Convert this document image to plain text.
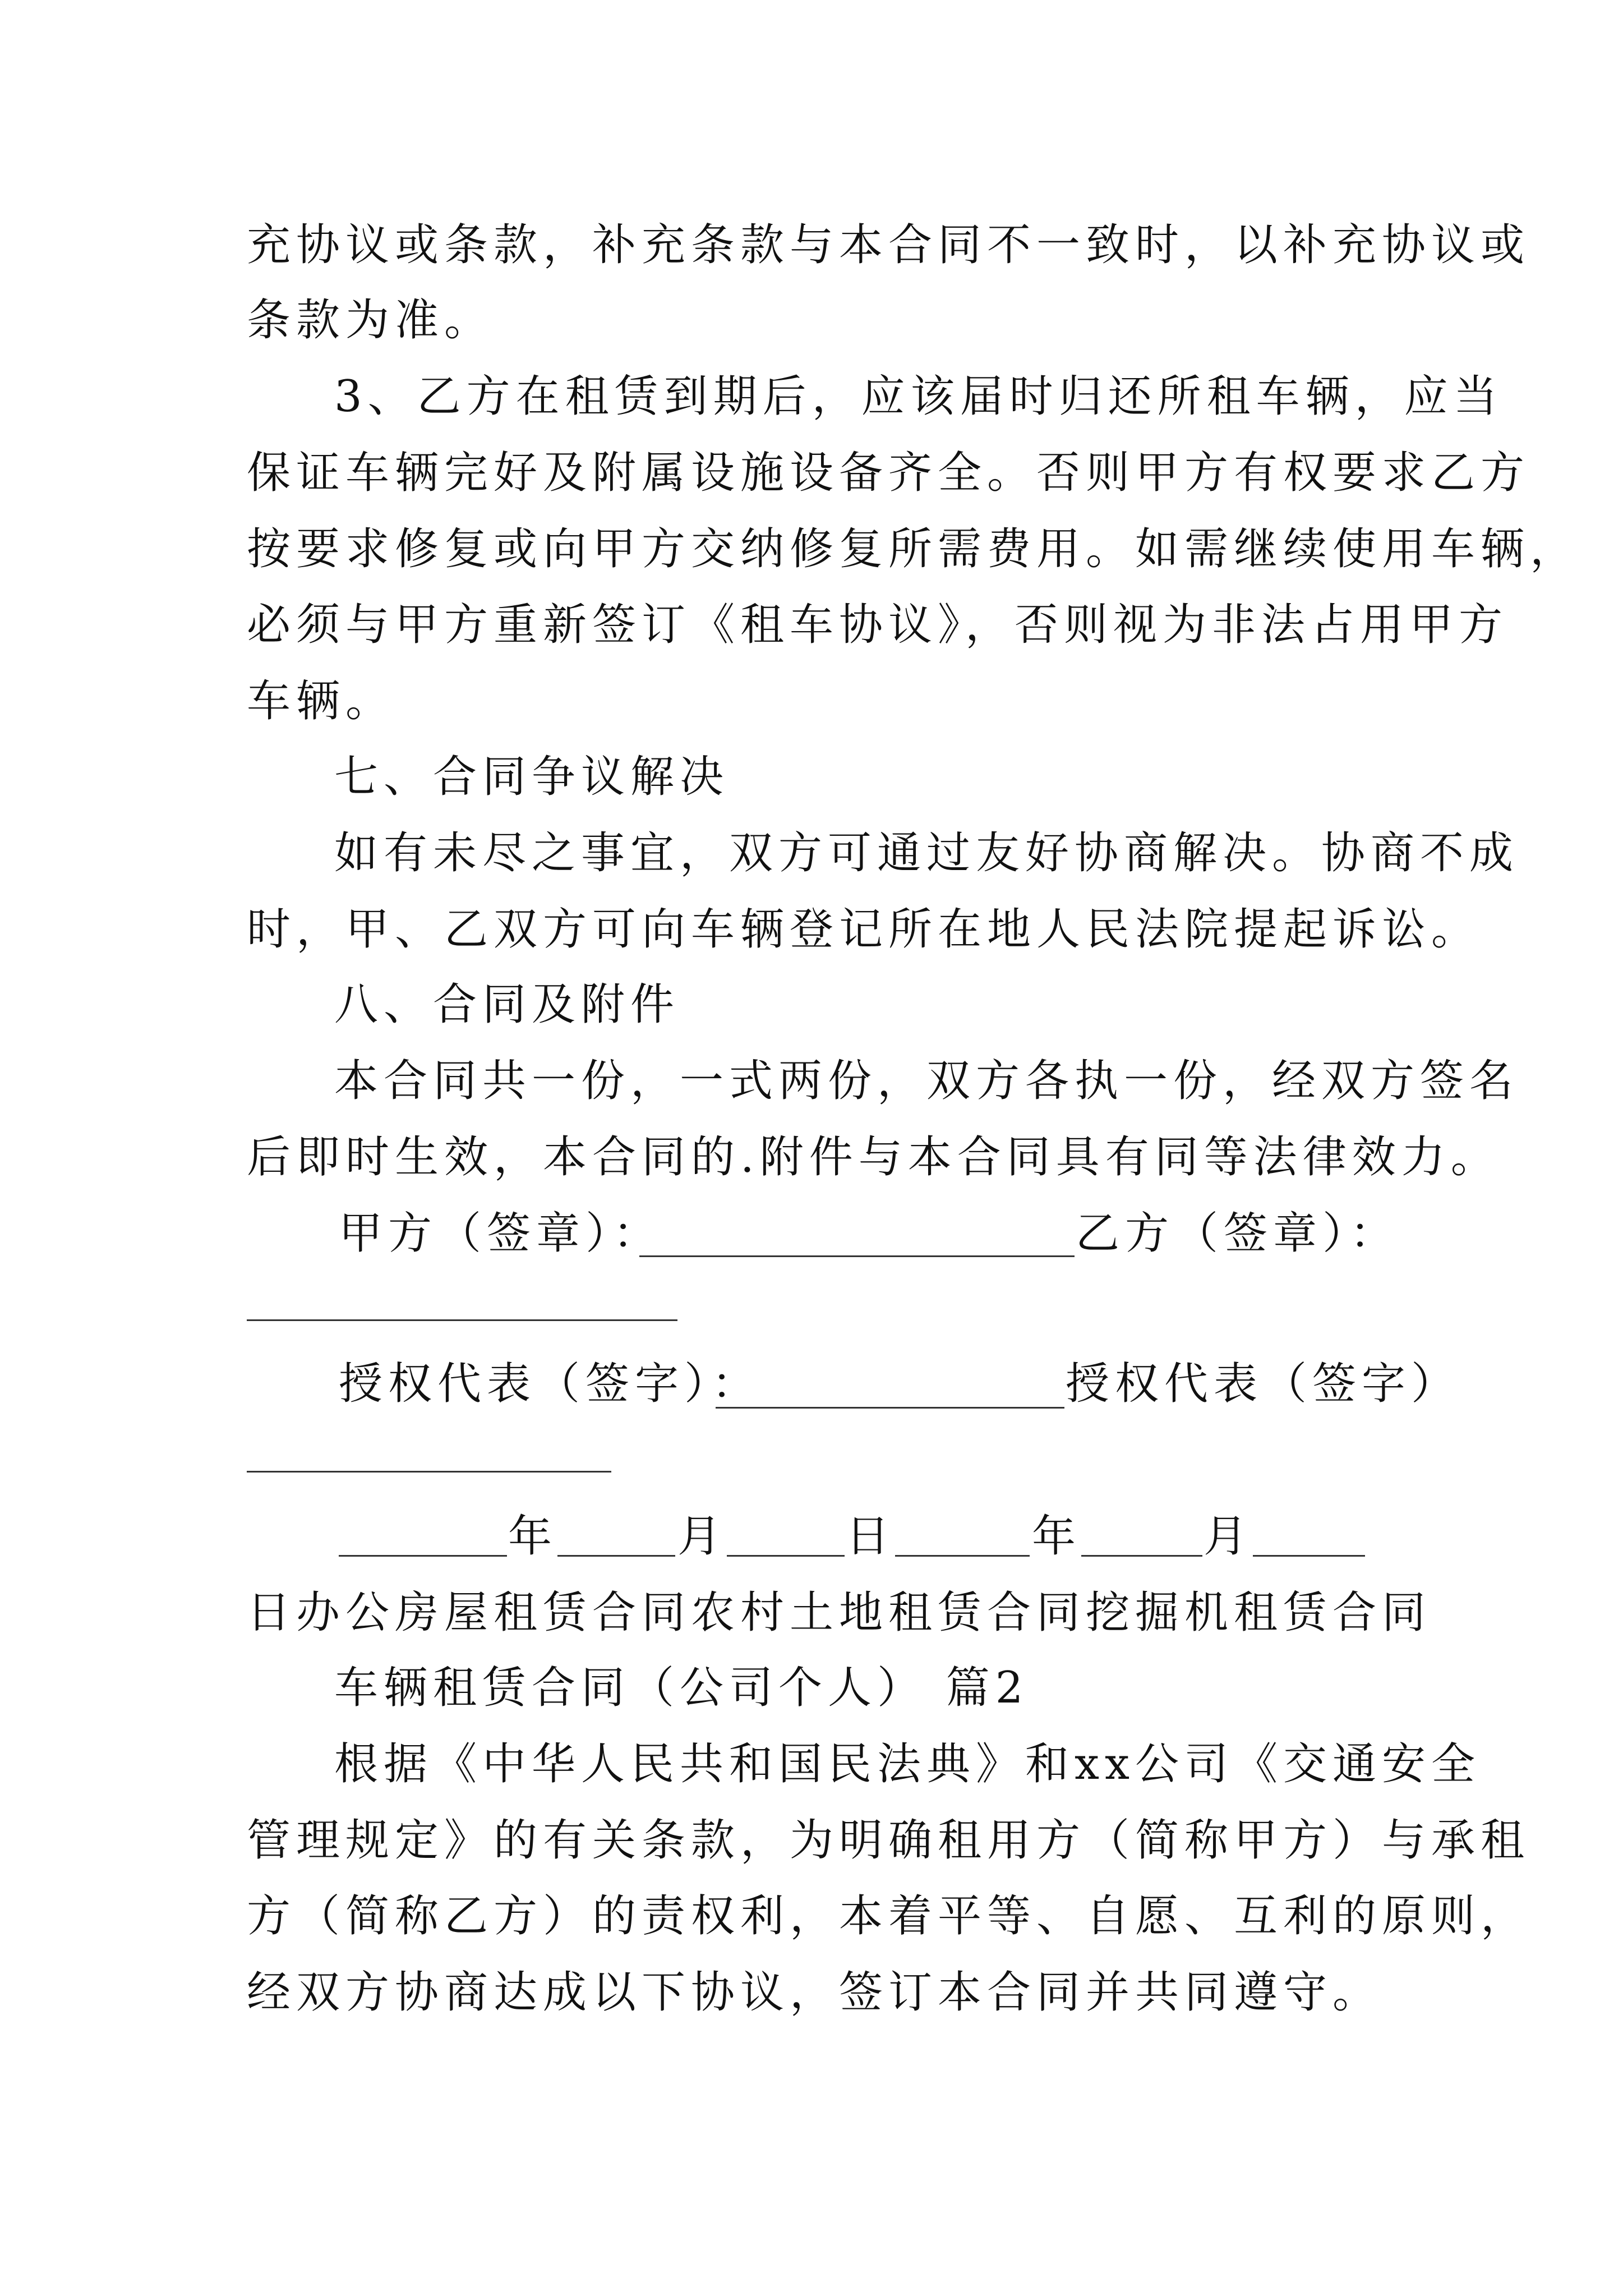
充协议或条款，补充条款与本合同不一致时，以补充协议或
条款为准。
3、乙方在租赁到期后，应该届时归还所租车辆，应当
保证车辆完好及附属设施设备齐全。否则甲方有权要求乙方
按要求修复或向甲方交纳修复所需费用。如需继续使用车辆，
必须与甲方重新签订《租车协议》，否则视为非法占用甲方
车辆。
七、合同争议解决
如有未尽之事宜，双方可通过友好协商解决。协商不成
时，甲、乙双方可向车辆登记所在地人民法院提起诉讼。
八、合同及附件
本合同共一份，一式两份，双方各执一份，经双方签名
后即时生效，本合同的.附件与本合同具有同等法律效力。
甲方（签章）：	乙方（签章）：
授权代表（签字）：	授权代表（签字）
年	月	日	年	月
日办公房屋租赁合同农村土地租赁合同挖掘机租赁合同
车辆租赁合同（公司个人） 篇2
根据《中华人民共和国民法典》和xx公司《交通安全
管理规定》的有关条款，为明确租用方（简称甲方）与承租
方（简称乙方）的责权利，本着平等、自愿、互利的原则，
经双方协商达成以下协议，签订本合同并共同遵守。
